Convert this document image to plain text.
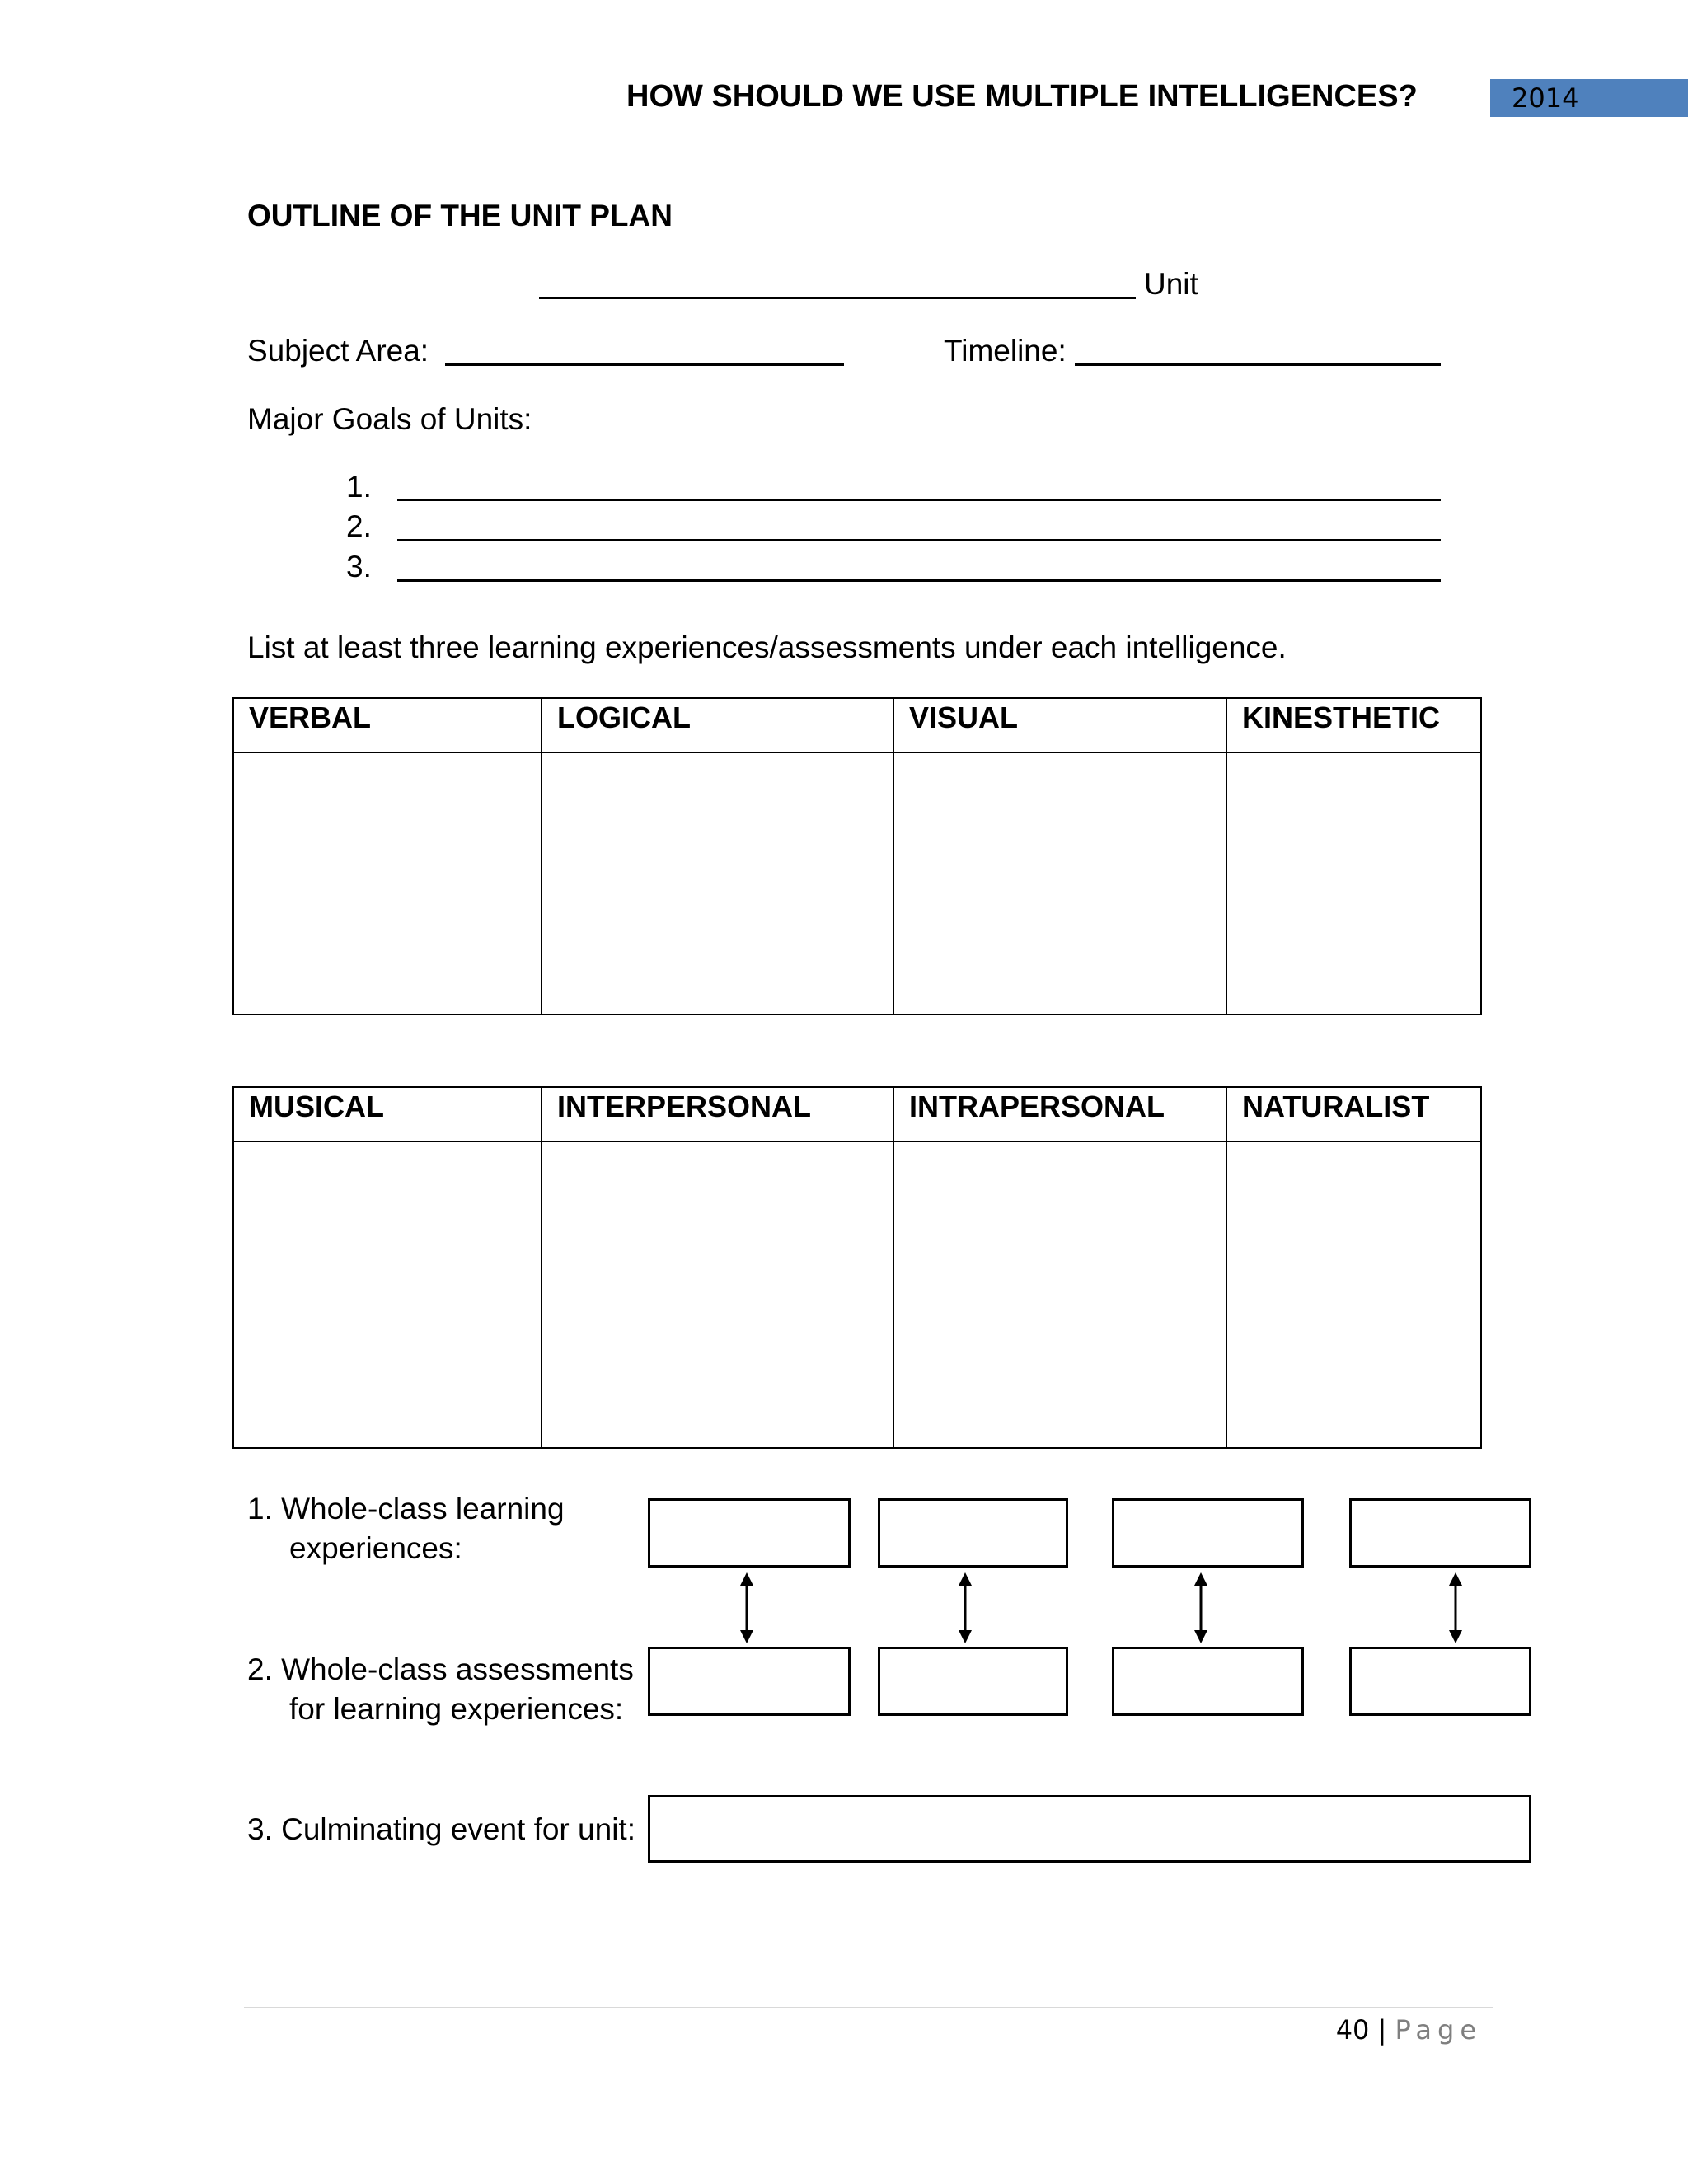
HOW SHOULD WE USE MULTIPLE INTELLIGENCES?	2014
OUTLINE OF THE UNIT PLAN
Unit
Subject Area:	Timeline:
Major Goals of Units:
1.
2.
3.
List at least three learning experiences/assessments under each intelligence.
VERBAL	LOGICAL	VISUAL	KINESTHETIC

MUSICAL	INTERPERSONAL	INTRAPERSONAL	NATURALIST

1. Whole-class learning
experiences:
2. Whole-class assessments
for learning experiences:
3. Culminating event for unit:
40 | Page
